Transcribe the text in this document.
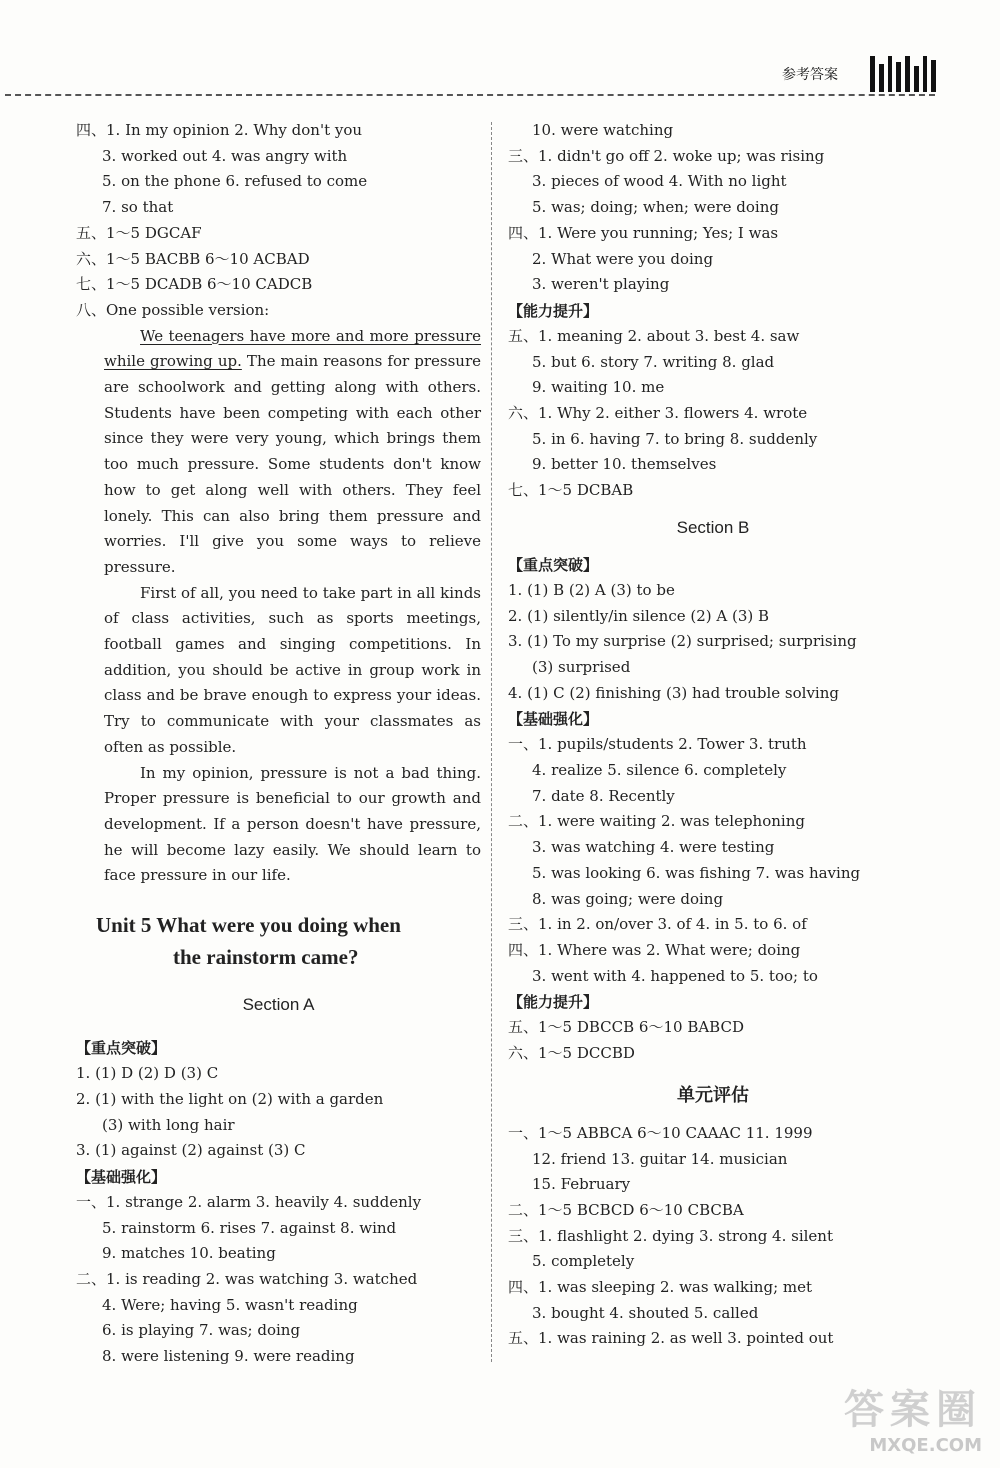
参考答案
四、1. In my opinion 2. Why don't you
3. worked out 4. was angry with
5. on the phone 6. refused to come
7. so that
五、1～5 DGCAF
六、1～5 BACBB 6～10 ACBAD
七、1～5 DCADB 6～10 CADCB
八、One possible version:

We teenagers have more and more pressure while growing up. The main reasons for pressure are schoolwork and getting along with others. Students have been competing with each other since they were very young, which brings them too much pressure. Some students don't know how to get along well with others. They feel lonely. This can also bring them pressure and worries. I'll give you some ways to relieve pressure.

First of all, you need to take part in all kinds of class activities, such as sports meetings, football games and singing competitions. In addition, you should be active in group work in class and be brave enough to express your ideas. Try to communicate with your classmates as often as possible.

In my opinion, pressure is not a bad thing. Proper pressure is beneficial to our growth and development. If a person doesn't have pressure, he will become lazy easily. We should learn to face pressure in our life.

Unit 5 What were you doing when
the rainstorm came?
Section A
【重点突破】
1. (1) D (2) D (3) C
2. (1) with the light on (2) with a garden
(3) with long hair
3. (1) against (2) against (3) C
【基础强化】
一、1. strange 2. alarm 3. heavily 4. suddenly
5. rainstorm 6. rises 7. against 8. wind
9. matches 10. beating
二、1. is reading 2. was watching 3. watched
4. Were; having 5. wasn't reading
6. is playing 7. was; doing
8. were listening 9. were reading
10. were watching
三、1. didn't go off 2. woke up; was rising
3. pieces of wood 4. With no light
5. was; doing; when; were doing
四、1. Were you running; Yes; I was
2. What were you doing
3. weren't playing
【能力提升】
五、1. meaning 2. about 3. best 4. saw
5. but 6. story 7. writing 8. glad
9. waiting 10. me
六、1. Why 2. either 3. flowers 4. wrote
5. in 6. having 7. to bring 8. suddenly
9. better 10. themselves
七、1～5 DCBAB
Section B
【重点突破】
1. (1) B (2) A (3) to be
2. (1) silently/in silence (2) A (3) B
3. (1) To my surprise (2) surprised; surprising
(3) surprised
4. (1) C (2) finishing (3) had trouble solving
【基础强化】
一、1. pupils/students 2. Tower 3. truth
4. realize 5. silence 6. completely
7. date 8. Recently
二、1. were waiting 2. was telephoning
3. was watching 4. were testing
5. was looking 6. was fishing 7. was having
8. was going; were doing
三、1. in 2. on/over 3. of 4. in 5. to 6. of
四、1. Where was 2. What were; doing
3. went with 4. happened to 5. too; to
【能力提升】
五、1～5 DBCCB 6～10 BABCD
六、1～5 DCCBD
单元评估
一、1～5 ABBCA 6～10 CAAAC 11. 1999
12. friend 13. guitar 14. musician
15. February
二、1～5 BCBCD 6～10 CBCBA
三、1. flashlight 2. dying 3. strong 4. silent
5. completely
四、1. was sleeping 2. was walking; met
3. bought 4. shouted 5. called
五、1. was raining 2. as well 3. pointed out
答案圈
MXQE.COM
